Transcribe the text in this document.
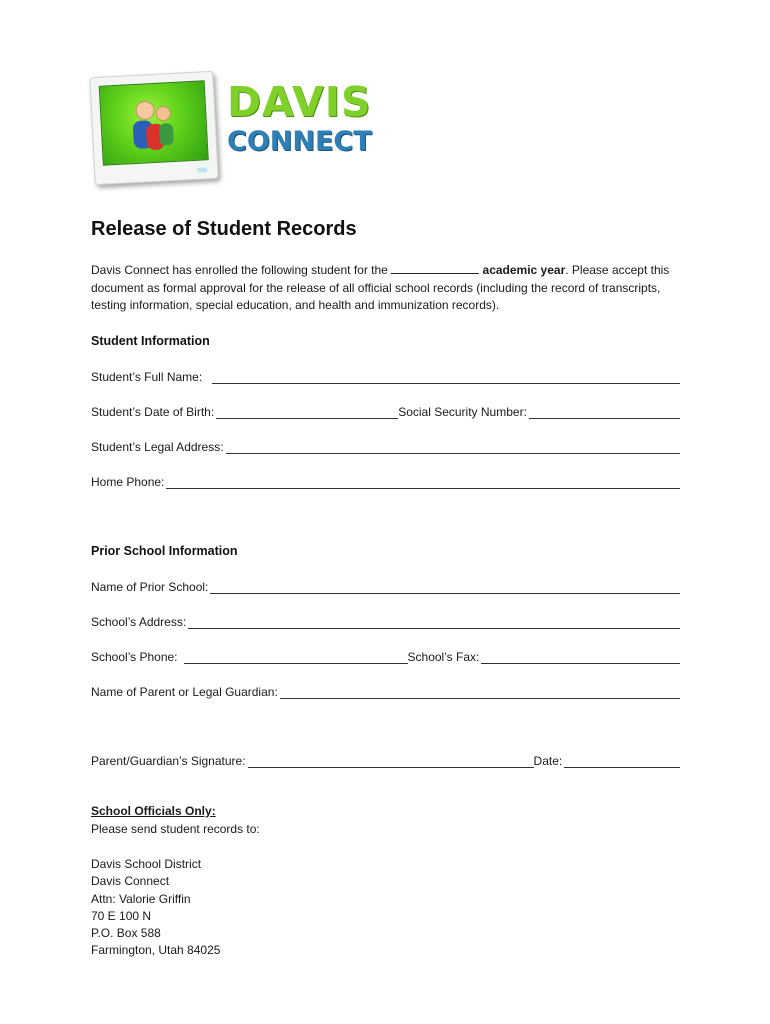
DAVIS
CONNECT
Release of Student Records
Davis Connect has enrolled the following student for the	academic year. Please accept this document as formal approval for the release of all official school records (including the record of transcripts, testing information, special education, and health and immunization records).
Student Information
Student’s Full Name:
Student’s Date of Birth:	Social Security Number:
Student’s Legal Address:
Home Phone:
Prior School Information
Name of Prior School:
School’s Address:
School’s Phone:	School’s Fax:
Name of Parent or Legal Guardian:
Parent/Guardian’s Signature:	Date:
School Officials Only:
Please send student records to:
Davis School District
Davis Connect
Attn: Valorie Griffin
70 E 100 N
P.O. Box 588
Farmington, Utah 84025
